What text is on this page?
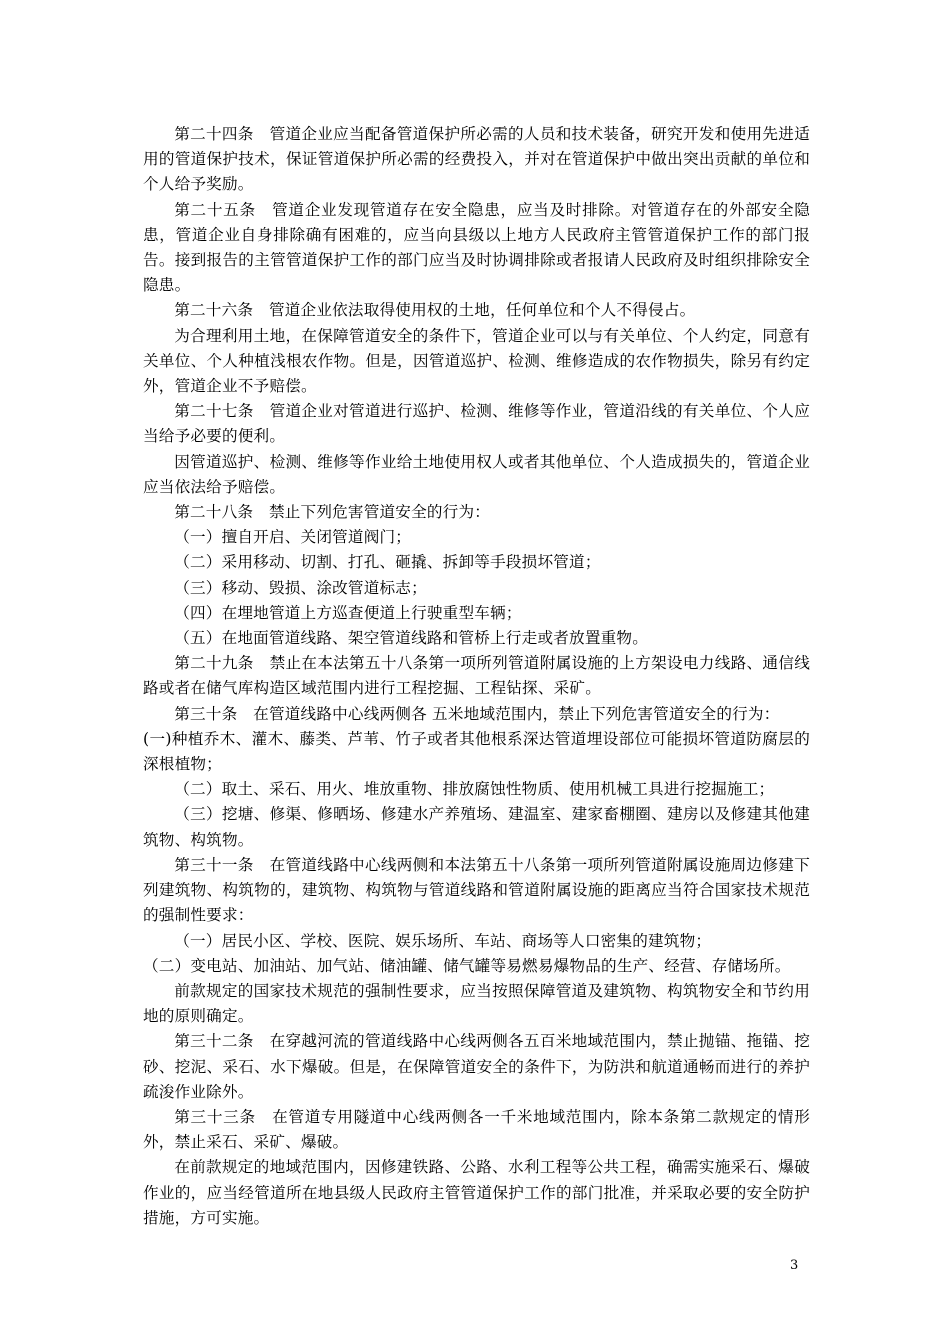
第二十四条　管道企业应当配备管道保护所必需的人员和技术装备，研究开发和使用先进适用的管道保护技术，保证管道保护所必需的经费投入，并对在管道保护中做出突出贡献的单位和个人给予奖励。

第二十五条　管道企业发现管道存在安全隐患，应当及时排除。对管道存在的外部安全隐患，管道企业自身排除确有困难的，应当向县级以上地方人民政府主管管道保护工作的部门报告。接到报告的主管管道保护工作的部门应当及时协调排除或者报请人民政府及时组织排除安全隐患。

第二十六条　管道企业依法取得使用权的土地，任何单位和个人不得侵占。

为合理利用土地，在保障管道安全的条件下，管道企业可以与有关单位、个人约定，同意有关单位、个人种植浅根农作物。但是，因管道巡护、检测、维修造成的农作物损失，除另有约定外，管道企业不予赔偿。

第二十七条　管道企业对管道进行巡护、检测、维修等作业，管道沿线的有关单位、个人应当给予必要的便利。

因管道巡护、检测、维修等作业给土地使用权人或者其他单位、个人造成损失的，管道企业应当依法给予赔偿。

第二十八条　禁止下列危害管道安全的行为：

（一）擅自开启、关闭管道阀门；

（二）采用移动、切割、打孔、砸撬、拆卸等手段损坏管道；

（三）移动、毁损、涂改管道标志；

（四）在埋地管道上方巡查便道上行驶重型车辆；

（五）在地面管道线路、架空管道线路和管桥上行走或者放置重物。

第二十九条　禁止在本法第五十八条第一项所列管道附属设施的上方架设电力线路、通信线路或者在储气库构造区域范围内进行工程挖掘、工程钻探、采矿。

第三十条　在管道线路中心线两侧各 五米地域范围内，禁止下列危害管道安全的行为：

(一)种植乔木、灌木、藤类、芦苇、竹子或者其他根系深达管道埋设部位可能损坏管道防腐层的深根植物；

（二）取土、采石、用火、堆放重物、排放腐蚀性物质、使用机械工具进行挖掘施工；

（三）挖塘、修渠、修晒场、修建水产养殖场、建温室、建家畜棚圈、建房以及修建其他建筑物、构筑物。

第三十一条　在管道线路中心线两侧和本法第五十八条第一项所列管道附属设施周边修建下列建筑物、构筑物的，建筑物、构筑物与管道线路和管道附属设施的距离应当符合国家技术规范的强制性要求：

（一）居民小区、学校、医院、娱乐场所、车站、商场等人口密集的建筑物；

（二）变电站、加油站、加气站、储油罐、储气罐等易燃易爆物品的生产、经营、存储场所。

前款规定的国家技术规范的强制性要求，应当按照保障管道及建筑物、构筑物安全和节约用地的原则确定。

第三十二条　在穿越河流的管道线路中心线两侧各五百米地域范围内，禁止抛锚、拖锚、挖砂、挖泥、采石、水下爆破。但是，在保障管道安全的条件下，为防洪和航道通畅而进行的养护疏浚作业除外。

第三十三条　在管道专用隧道中心线两侧各一千米地域范围内，除本条第二款规定的情形外，禁止采石、采矿、爆破。

在前款规定的地域范围内，因修建铁路、公路、水利工程等公共工程，确需实施采石、爆破作业的，应当经管道所在地县级人民政府主管管道保护工作的部门批准，并采取必要的安全防护措施，方可实施。

3
